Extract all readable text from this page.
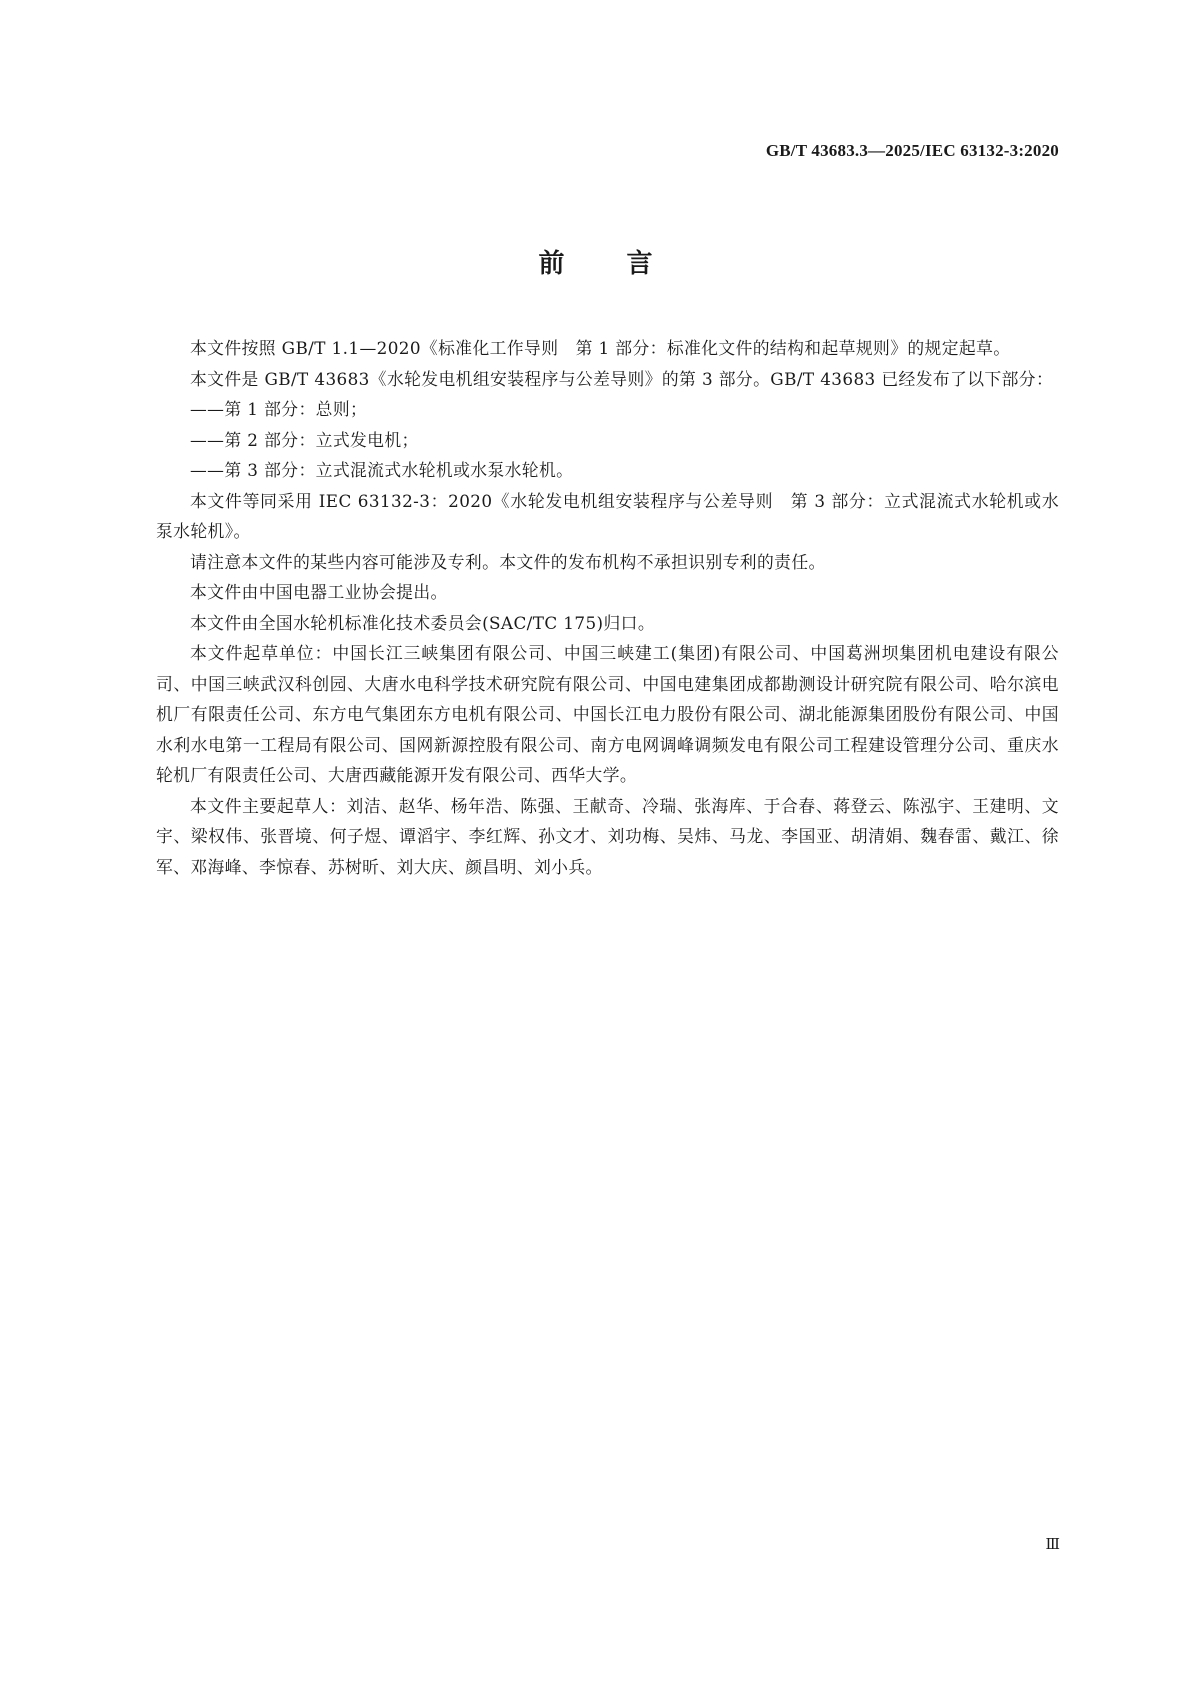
GB/T 43683.3—2025/IEC 63132-3:2020
前言

本文件按照 GB/T 1.1—2020《标准化工作导则　第 1 部分：标准化文件的结构和起草规则》的规定起草。

本文件是 GB/T 43683《水轮发电机组安装程序与公差导则》的第 3 部分。GB/T 43683 已经发布了以下部分：

——第 1 部分：总则；

——第 2 部分：立式发电机；

——第 3 部分：立式混流式水轮机或水泵水轮机。

本文件等同采用 IEC 63132-3：2020《水轮发电机组安装程序与公差导则　第 3 部分：立式混流式水轮机或水泵水轮机》。

请注意本文件的某些内容可能涉及专利。本文件的发布机构不承担识别专利的责任。

本文件由中国电器工业协会提出。

本文件由全国水轮机标准化技术委员会(SAC/TC 175)归口。

本文件起草单位：中国长江三峡集团有限公司、中国三峡建工(集团)有限公司、中国葛洲坝集团机电建设有限公司、中国三峡武汉科创园、大唐水电科学技术研究院有限公司、中国电建集团成都勘测设计研究院有限公司、哈尔滨电机厂有限责任公司、东方电气集团东方电机有限公司、中国长江电力股份有限公司、湖北能源集团股份有限公司、中国水利水电第一工程局有限公司、国网新源控股有限公司、南方电网调峰调频发电有限公司工程建设管理分公司、重庆水轮机厂有限责任公司、大唐西藏能源开发有限公司、西华大学。

本文件主要起草人：刘洁、赵华、杨年浩、陈强、王献奇、冷瑞、张海库、于合春、蒋登云、陈泓宇、王建明、文宇、梁权伟、张晋境、何子煜、谭滔宇、李红辉、孙文才、刘功梅、吴炜、马龙、李国亚、胡清娟、魏春雷、戴江、徐军、邓海峰、李惊春、苏树昕、刘大庆、颜昌明、刘小兵。

Ⅲ
